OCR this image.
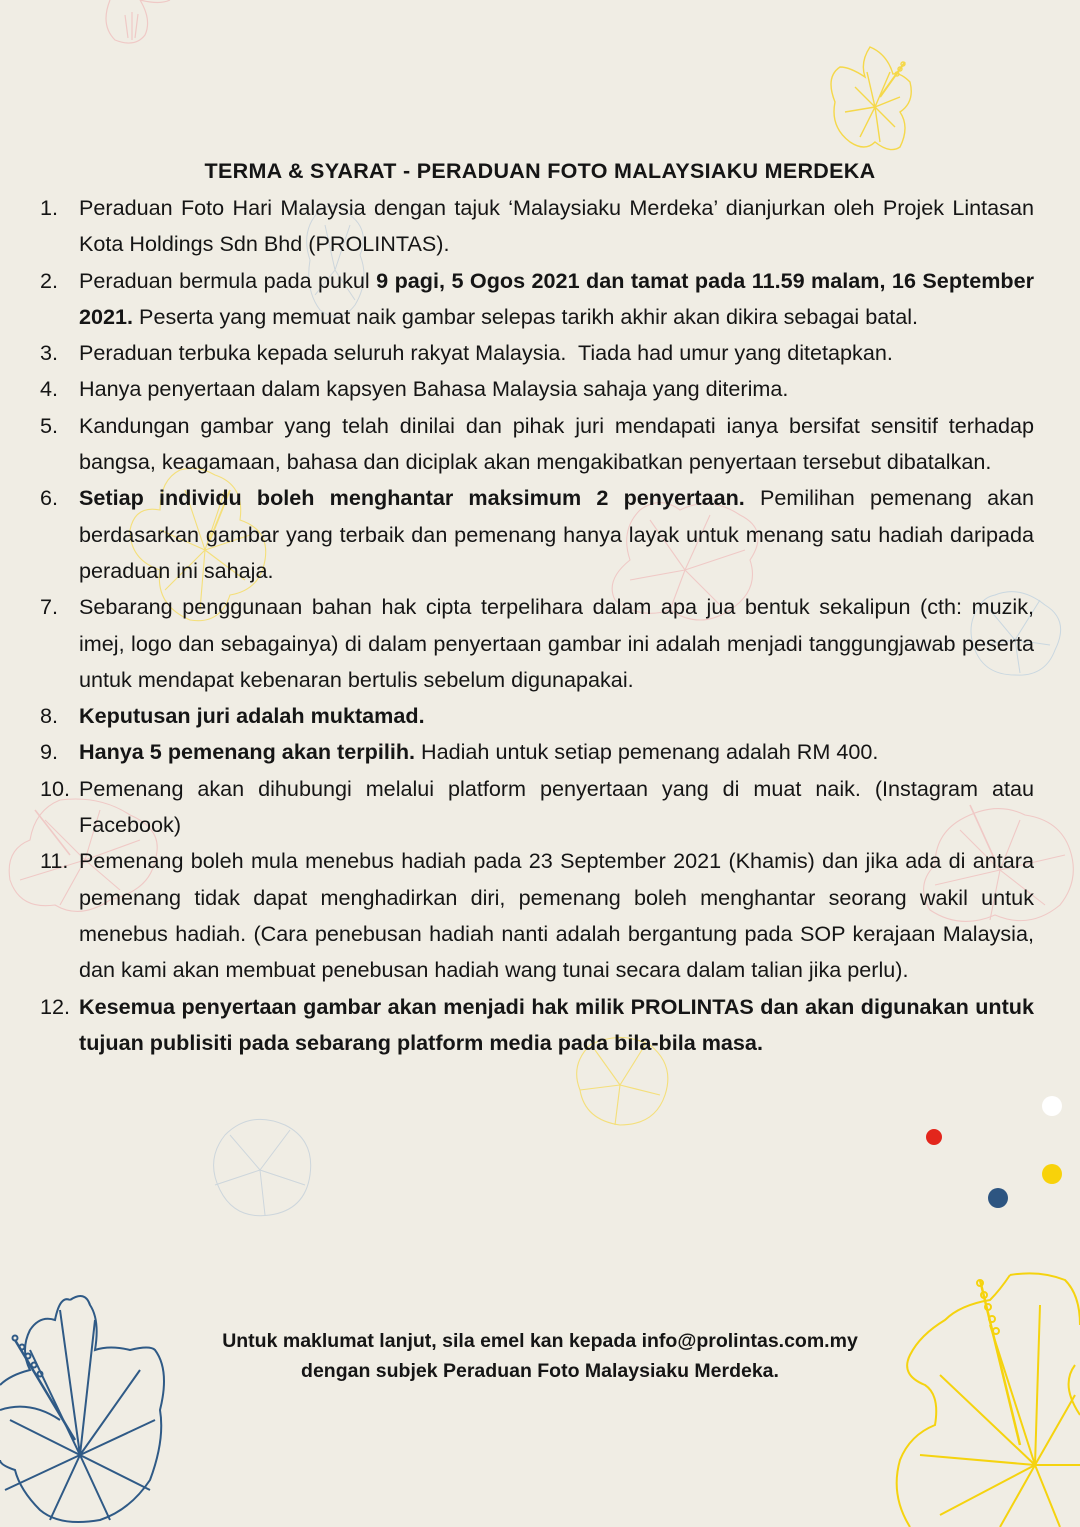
TERMA & SYARAT - PERADUAN FOTO MALAYSIAKU MERDEKA
1. Peraduan Foto Hari Malaysia dengan tajuk ‘Malaysiaku Merdeka’ dianjurkan oleh Projek Lintasan Kota Holdings Sdn Bhd (PROLINTAS).
2. Peraduan bermula pada pukul 9 pagi, 5 Ogos 2021 dan tamat pada 11.59 malam, 16 September 2021. Peserta yang memuat naik gambar selepas tarikh akhir akan dikira sebagai batal.
3. Peraduan terbuka kepada seluruh rakyat Malaysia.  Tiada had umur yang ditetapkan.
4. Hanya penyertaan dalam kapsyen Bahasa Malaysia sahaja yang diterima.
5. Kandungan gambar yang telah dinilai dan pihak juri mendapati ianya bersifat sensitif terhadap bangsa, keagamaan, bahasa dan diciplak akan mengakibatkan penyertaan tersebut dibatalkan.
6. Setiap individu boleh menghantar maksimum 2 penyertaan. Pemilihan pemenang akan berdasarkan gambar yang terbaik dan pemenang hanya layak untuk menang satu hadiah daripada peraduan ini sahaja.
7. Sebarang penggunaan bahan hak cipta terpelihara dalam apa jua bentuk sekalipun (cth: muzik, imej, logo dan sebagainya) di dalam penyertaan gambar ini adalah menjadi tanggungjawab peserta untuk mendapat kebenaran bertulis sebelum digunapakai.
8. Keputusan juri adalah muktamad.
9. Hanya 5 pemenang akan terpilih. Hadiah untuk setiap pemenang adalah RM 400.
10. Pemenang akan dihubungi melalui platform penyertaan yang di muat naik. (Instagram atau Facebook)
11. Pemenang boleh mula menebus hadiah pada 23 September 2021 (Khamis) dan jika ada di antara pemenang tidak dapat menghadirkan diri, pemenang boleh menghantar seorang wakil untuk menebus hadiah. (Cara penebusan hadiah nanti adalah bergantung pada SOP kerajaan Malaysia, dan kami akan membuat penebusan hadiah wang tunai secara dalam talian jika perlu).
12. Kesemua penyertaan gambar akan menjadi hak milik PROLINTAS dan akan digunakan untuk tujuan publisiti pada sebarang platform media pada bila-bila masa.

Untuk maklumat lanjut, sila emel kan kepada info@prolintas.com.my

dengan subjek Peraduan Foto Malaysiaku Merdeka.
